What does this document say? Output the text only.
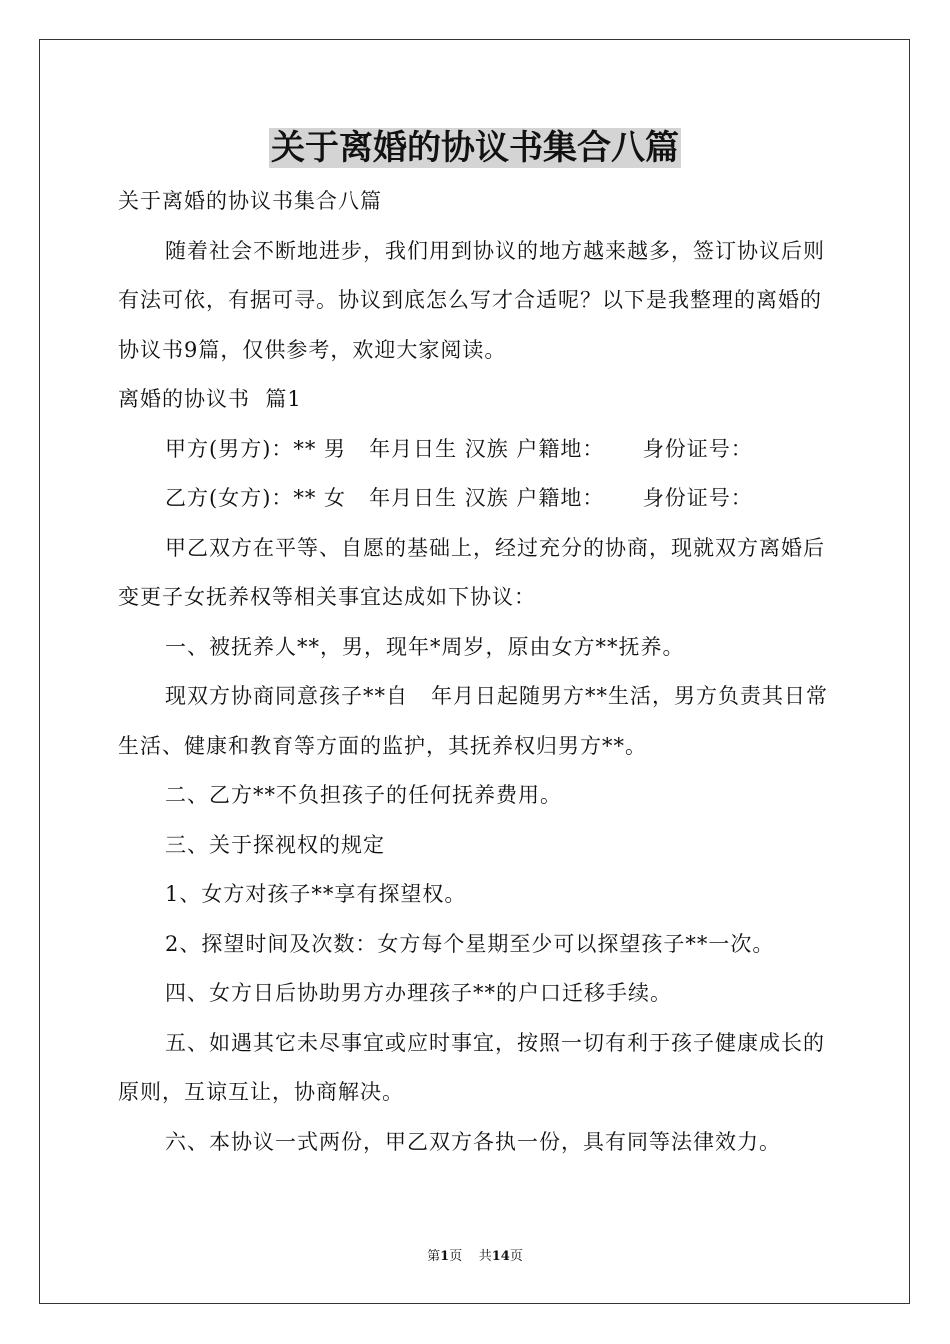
关于离婚的协议书集合八篇

关于离婚的协议书集合八篇

随着社会不断地进步，我们用到协议的地方越来越多，签订协议后则有法可依，有据可寻。协议到底怎么写才合适呢？以下是我整理的离婚的协议书9篇，仅供参考，欢迎大家阅读。

离婚的协议书  篇1

甲方(男方)：** 男   年月日生 汉族 户籍地：     身份证号：

乙方(女方)：** 女   年月日生 汉族 户籍地：     身份证号：

甲乙双方在平等、自愿的基础上，经过充分的协商，现就双方离婚后变更子女抚养权等相关事宜达成如下协议：

一、被抚养人**，男，现年*周岁，原由女方**抚养。

现双方协商同意孩子**自   年月日起随男方**生活，男方负责其日常生活、健康和教育等方面的监护，其抚养权归男方**。

二、乙方**不负担孩子的任何抚养费用。

三、关于探视权的规定

1、女方对孩子**享有探望权。

2、探望时间及次数：女方每个星期至少可以探望孩子**一次。

四、女方日后协助男方办理孩子**的户口迁移手续。

五、如遇其它未尽事宜或应时事宜，按照一切有利于孩子健康成长的原则，互谅互让，协商解决。

六、本协议一式两份，甲乙双方各执一份，具有同等法律效力。

第1页 共14页
